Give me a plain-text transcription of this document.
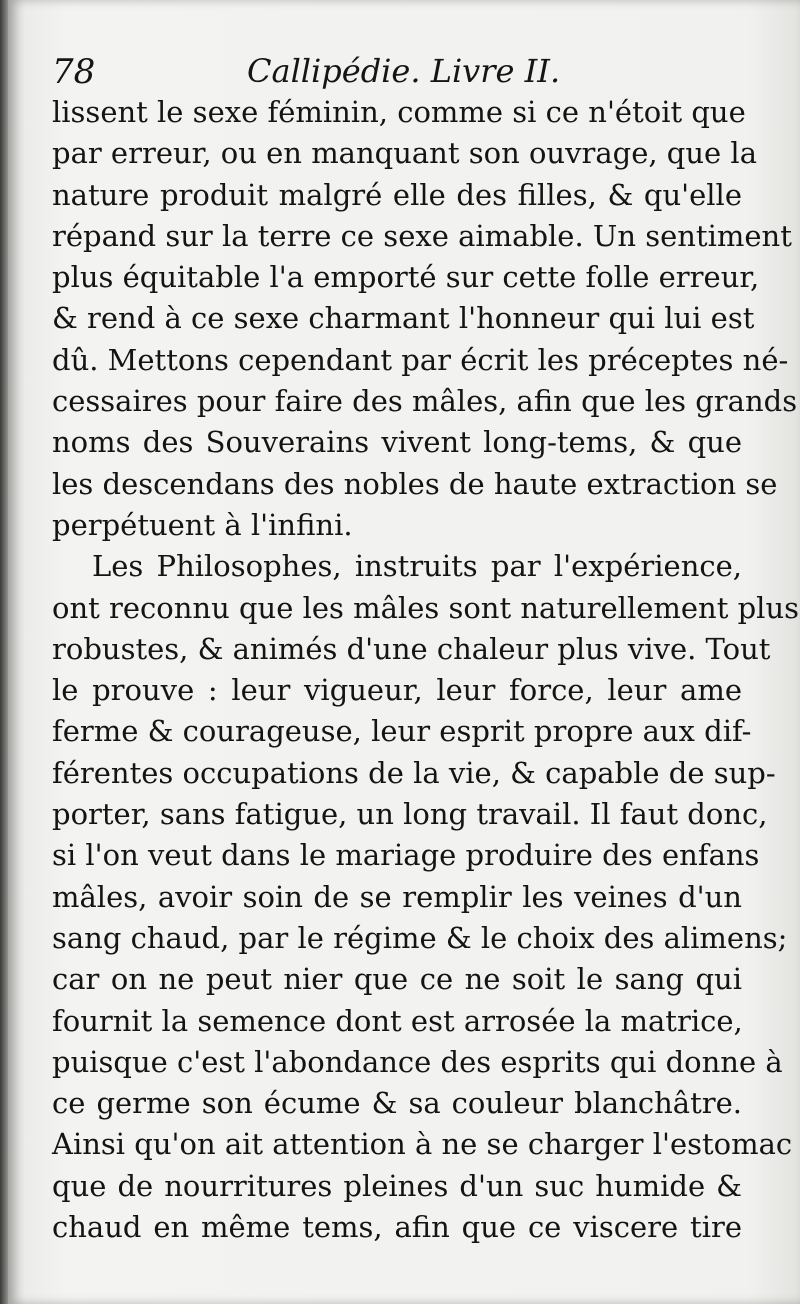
78	Callipédie. Livre II.
lissent le sexe féminin, comme si ce n'étoit que
par erreur, ou en manquant son ouvrage, que la
nature produit malgré elle des filles, & qu'elle
répand sur la terre ce sexe aimable. Un sentiment
plus équitable l'a emporté sur cette folle erreur,
& rend à ce sexe charmant l'honneur qui lui est
dû. Mettons cependant par écrit les préceptes né-
cessaires pour faire des mâles, afin que les grands
noms des Souverains vivent long-tems, & que
les descendans des nobles de haute extraction se
perpétuent à l'infini.
Les Philosophes, instruits par l'expérience,
ont reconnu que les mâles sont naturellement plus
robustes, & animés d'une chaleur plus vive. Tout
le prouve : leur vigueur, leur force, leur ame
ferme & courageuse, leur esprit propre aux dif-
férentes occupations de la vie, & capable de sup-
porter, sans fatigue, un long travail. Il faut donc,
si l'on veut dans le mariage produire des enfans
mâles, avoir soin de se remplir les veines d'un
sang chaud, par le régime & le choix des alimens;
car on ne peut nier que ce ne soit le sang qui
fournit la semence dont est arrosée la matrice,
puisque c'est l'abondance des esprits qui donne à
ce germe son écume & sa couleur blanchâtre.
Ainsi qu'on ait attention à ne se charger l'estomac
que de nourritures pleines d'un suc humide &
chaud en même tems, afin que ce viscere tire
